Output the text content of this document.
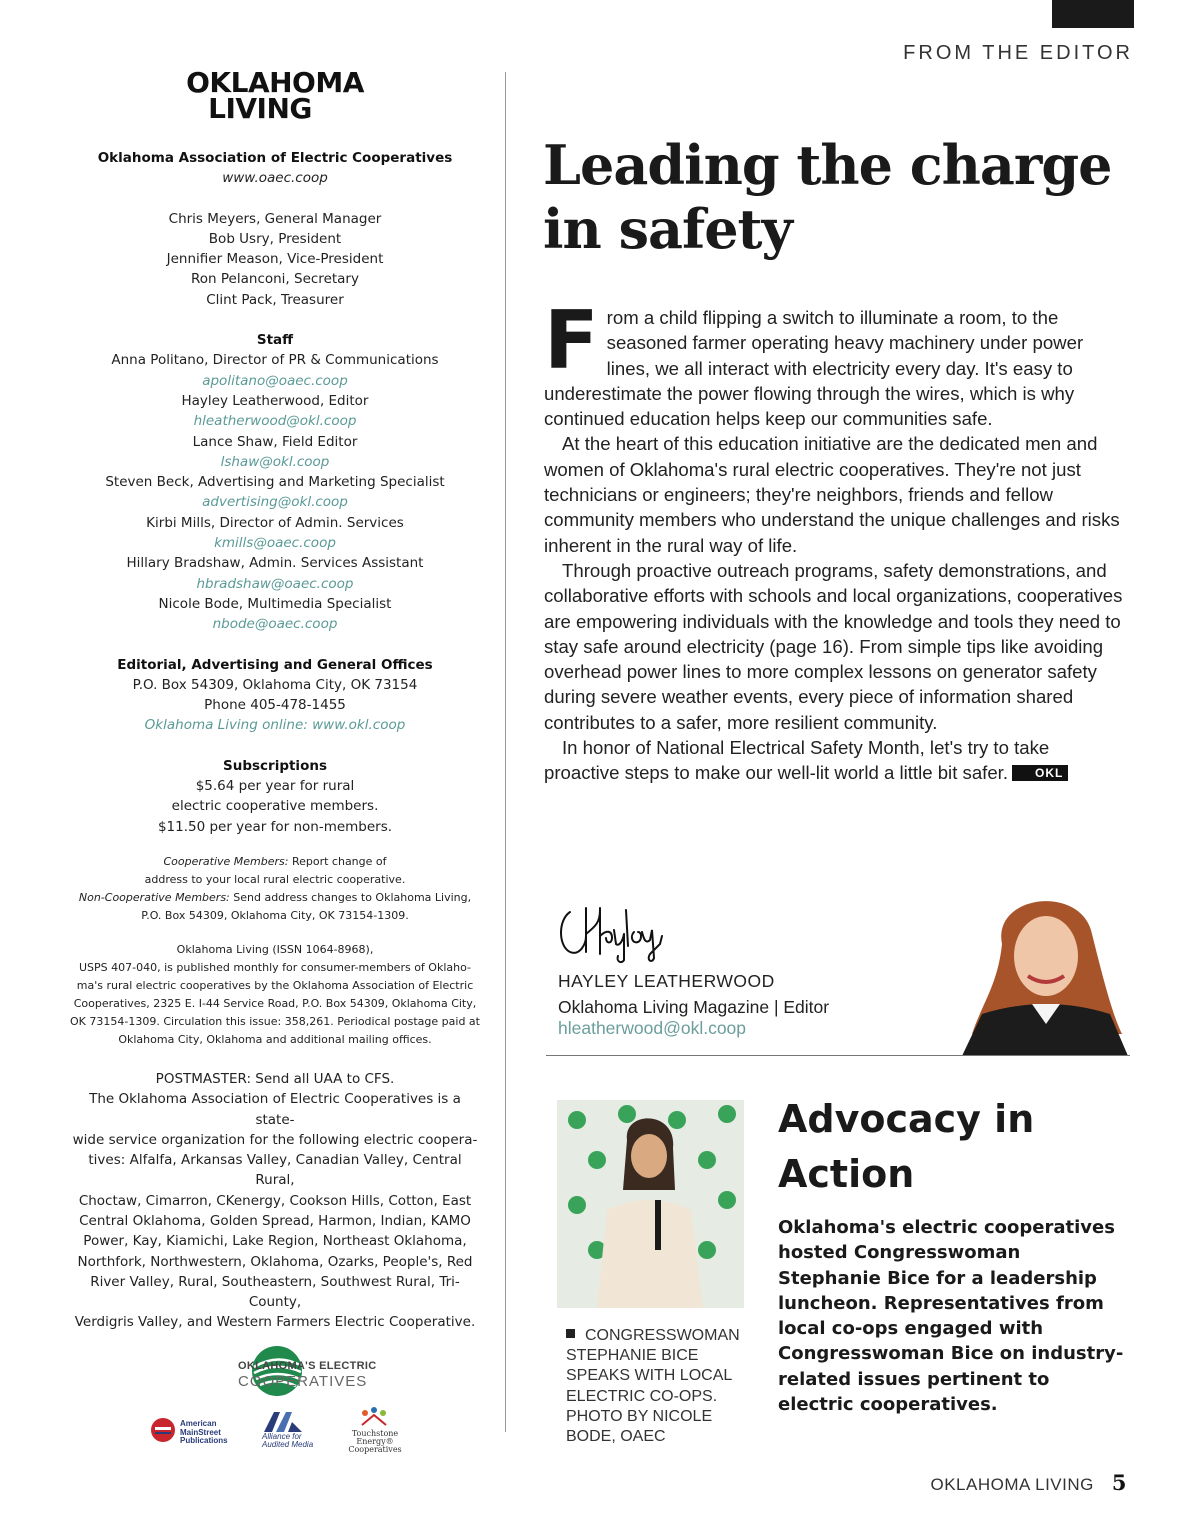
FROM THE EDITOR
OKLAHOMA
LIVING
Oklahoma Association of Electric Cooperatives
www.oaec.coop
Chris Meyers, General Manager
Bob Usry, President
Jennifier Meason, Vice-President
Ron Pelanconi, Secretary
Clint Pack, Treasurer
Staff
Anna Politano, Director of PR & Communications
apolitano@oaec.coop
Hayley Leatherwood, Editor
hleatherwood@okl.coop
Lance Shaw, Field Editor
lshaw@okl.coop
Steven Beck, Advertising and Marketing Specialist
advertising@okl.coop
Kirbi Mills, Director of Admin. Services
kmills@oaec.coop
Hillary Bradshaw, Admin. Services Assistant
hbradshaw@oaec.coop
Nicole Bode, Multimedia Specialist
nbode@oaec.coop
Editorial, Advertising and General Offices
P.O. Box 54309, Oklahoma City, OK 73154
Phone 405-478-1455
Oklahoma Living online: www.okl.coop
Subscriptions
$5.64 per year for rural
electric cooperative members.
$11.50 per year for non-members.
Cooperative Members: Report change of
address to your local rural electric cooperative.
Non-Cooperative Members: Send address changes to Oklahoma Living,
P.O. Box 54309, Oklahoma City, OK 73154-1309.
Oklahoma Living (ISSN 1064-8968),
USPS 407-040, is published monthly for consumer-members of Oklaho-
ma's rural electric cooperatives by the Oklahoma Association of Electric
Cooperatives, 2325 E. I-44 Service Road, P.O. Box 54309, Oklahoma City,
OK 73154-1309. Circulation this issue: 358,261. Periodical postage paid at
Oklahoma City, Oklahoma and additional mailing offices.
POSTMASTER: Send all UAA to CFS.
The Oklahoma Association of Electric Cooperatives is a state-
wide service organization for the following electric coopera-
tives: Alfalfa, Arkansas Valley, Canadian Valley, Central Rural,
Choctaw, Cimarron, CKenergy, Cookson Hills, Cotton, East
Central Oklahoma, Golden Spread, Harmon, Indian, KAMO
Power, Kay, Kiamichi, Lake Region, Northeast Oklahoma,
Northfork, Northwestern, Oklahoma, Ozarks, People's, Red
River Valley, Rural, Southeastern, Southwest Rural, Tri-County,
Verdigris Valley, and Western Farmers Electric Cooperative.
OKLAHOMA'S ELECTRIC
COOPERATIVES
American
MainStreet
Publications	Alliance for
Audited Media
Touchstone Energy®
Cooperatives
Leading the charge
in safety

From a child flipping a switch to illuminate a room, to the seasoned farmer operating heavy machinery under power lines, we all interact with electricity every day. It's easy to underestimate the power flowing through the wires, which is why continued education helps keep our communities safe.

At the heart of this education initiative are the dedicated men and women of Oklahoma's rural electric cooperatives. They're not just technicians or engineers; they're neighbors, friends and fellow community members who understand the unique challenges and risks inherent in the rural way of life.

Through proactive outreach programs, safety demonstrations, and collaborative efforts with schools and local organizations, cooperatives are empowering individuals with the knowledge and tools they need to stay safe around electricity (page 16). From simple tips like avoiding overhead power lines to more complex lessons on generator safety during severe weather events, every piece of information shared contributes to a safer, more resilient community.

In honor of National Electrical Safety Month, let's try to take proactive steps to make our well-lit world a little bit safer. OKL

HAYLEY LEATHERWOOD
Oklahoma Living Magazine | Editor
hleatherwood@okl.coop
CONGRESSWOMAN STEPHANIE BICE SPEAKS WITH LOCAL ELECTRIC CO-OPS. PHOTO BY NICOLE BODE, OAEC
Advocacy in
Action
Oklahoma's electric cooperatives hosted Congresswoman Stephanie Bice for a leadership luncheon. Representatives from local co-ops engaged with Congresswoman Bice on industry-related issues pertinent to electric cooperatives.
OKLAHOMA LIVING 5
